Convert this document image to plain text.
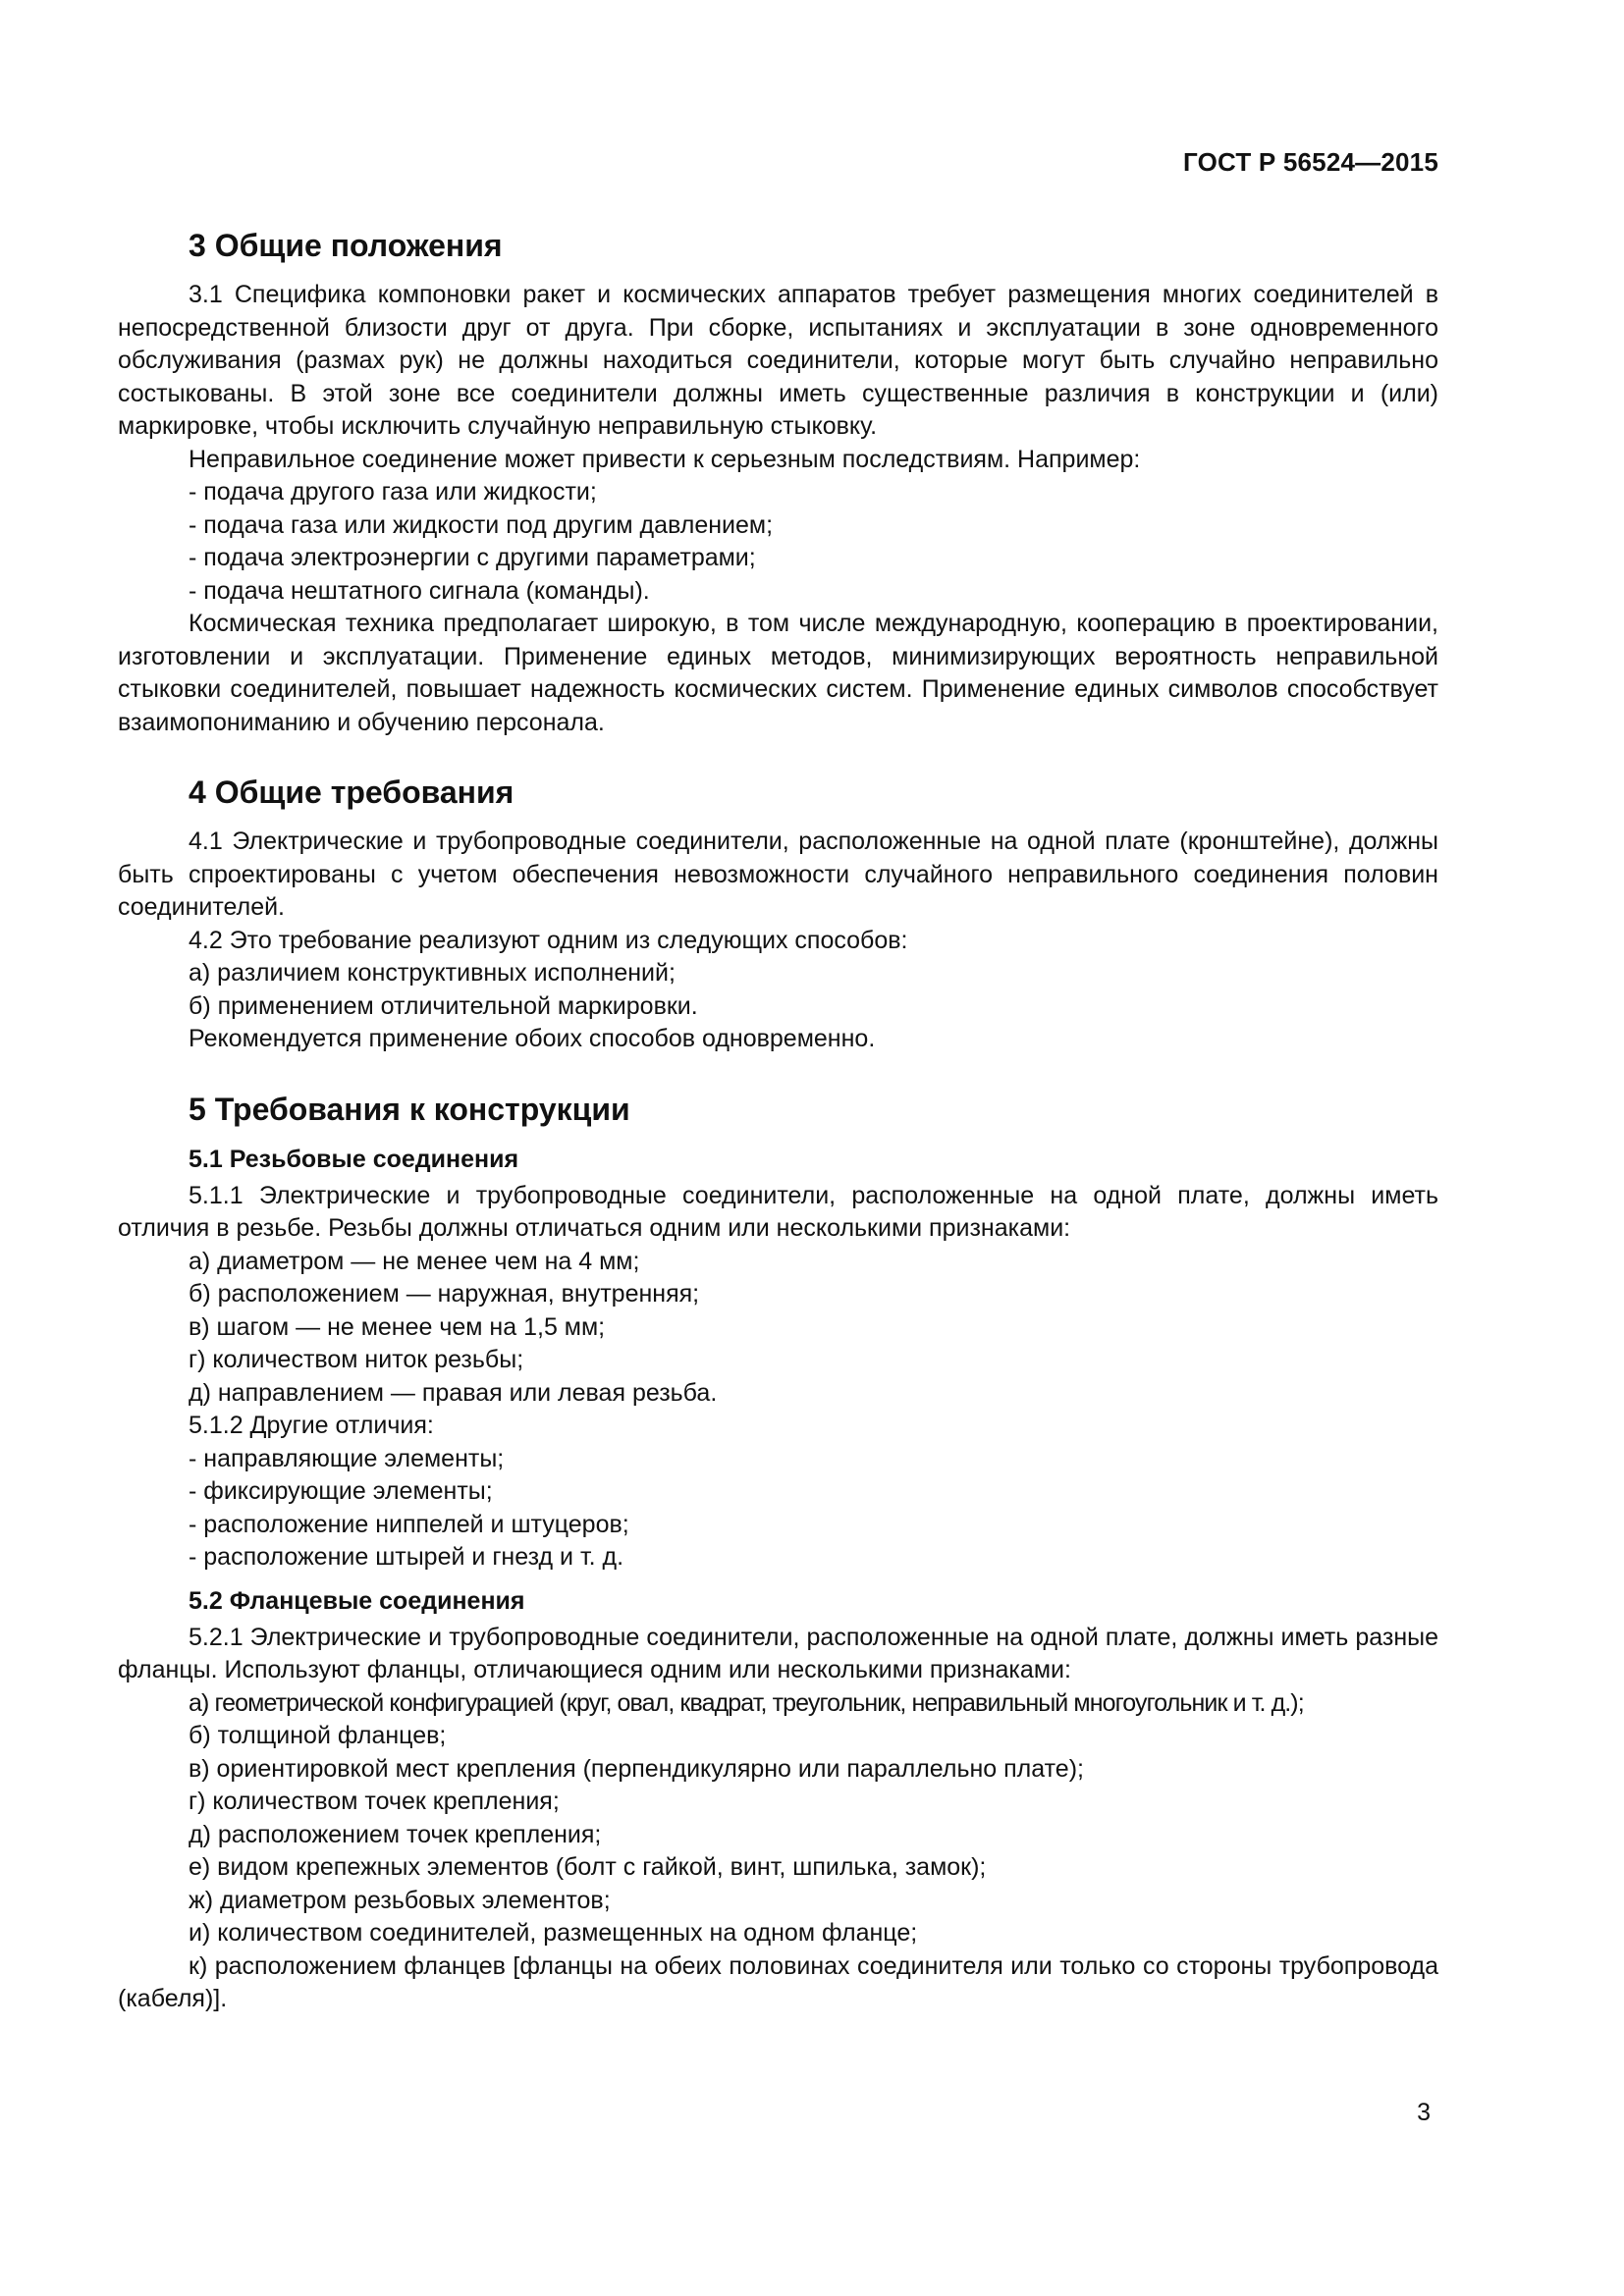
ГОСТ Р 56524—2015
3 Общие положения

3.1 Специфика компоновки ракет и космических аппаратов требует размещения многих соединителей в непосредственной близости друг от друга. При сборке, испытаниях и эксплуатации в зоне одновременного обслуживания (размах рук) не должны находиться соединители, которые могут быть случайно неправильно состыкованы. В этой зоне все соединители должны иметь существенные различия в конструкции и (или) маркировке, чтобы исключить случайную неправильную стыковку.

Неправильное соединение может привести к серьезным последствиям. Например:

- подача другого газа или жидкости;

- подача газа или жидкости под другим давлением;

- подача электроэнергии с другими параметрами;

- подача нештатного сигнала (команды).

Космическая техника предполагает широкую, в том числе международную, кооперацию в проектировании, изготовлении и эксплуатации. Применение единых методов, минимизирующих вероятность неправильной стыковки соединителей, повышает надежность космических систем. Применение единых символов способствует взаимопониманию и обучению персонала.

4 Общие требования

4.1 Электрические и трубопроводные соединители, расположенные на одной плате (кронштейне), должны быть спроектированы с учетом обеспечения невозможности случайного неправильного соединения половин соединителей.

4.2 Это требование реализуют одним из следующих способов:

а) различием конструктивных исполнений;

б) применением отличительной маркировки.

Рекомендуется применение обоих способов одновременно.

5 Требования к конструкции
5.1 Резьбовые соединения

5.1.1 Электрические и трубопроводные соединители, расположенные на одной плате, должны иметь отличия в резьбе. Резьбы должны отличаться одним или несколькими признаками:

а) диаметром — не менее чем на 4 мм;

б) расположением — наружная, внутренняя;

в) шагом — не менее чем на 1,5 мм;

г) количеством ниток резьбы;

д) направлением — правая или левая резьба.

5.1.2 Другие отличия:

- направляющие элементы;

- фиксирующие элементы;

- расположение ниппелей и штуцеров;

- расположение штырей и гнезд и т. д.

5.2 Фланцевые соединения

5.2.1 Электрические и трубопроводные соединители, расположенные на одной плате, должны иметь разные фланцы. Используют фланцы, отличающиеся одним или несколькими признаками:

а) геометрической конфигурацией (круг, овал, квадрат, треугольник, неправильный многоугольник и т. д.);

б) толщиной фланцев;

в) ориентировкой мест крепления (перпендикулярно или параллельно плате);

г) количеством точек крепления;

д) расположением точек крепления;

е) видом крепежных элементов (болт с гайкой, винт, шпилька, замок);

ж) диаметром резьбовых элементов;

и) количеством соединителей, размещенных на одном фланце;

к) расположением фланцев [фланцы на обеих половинах соединителя или только со стороны трубопровода (кабеля)].

3
